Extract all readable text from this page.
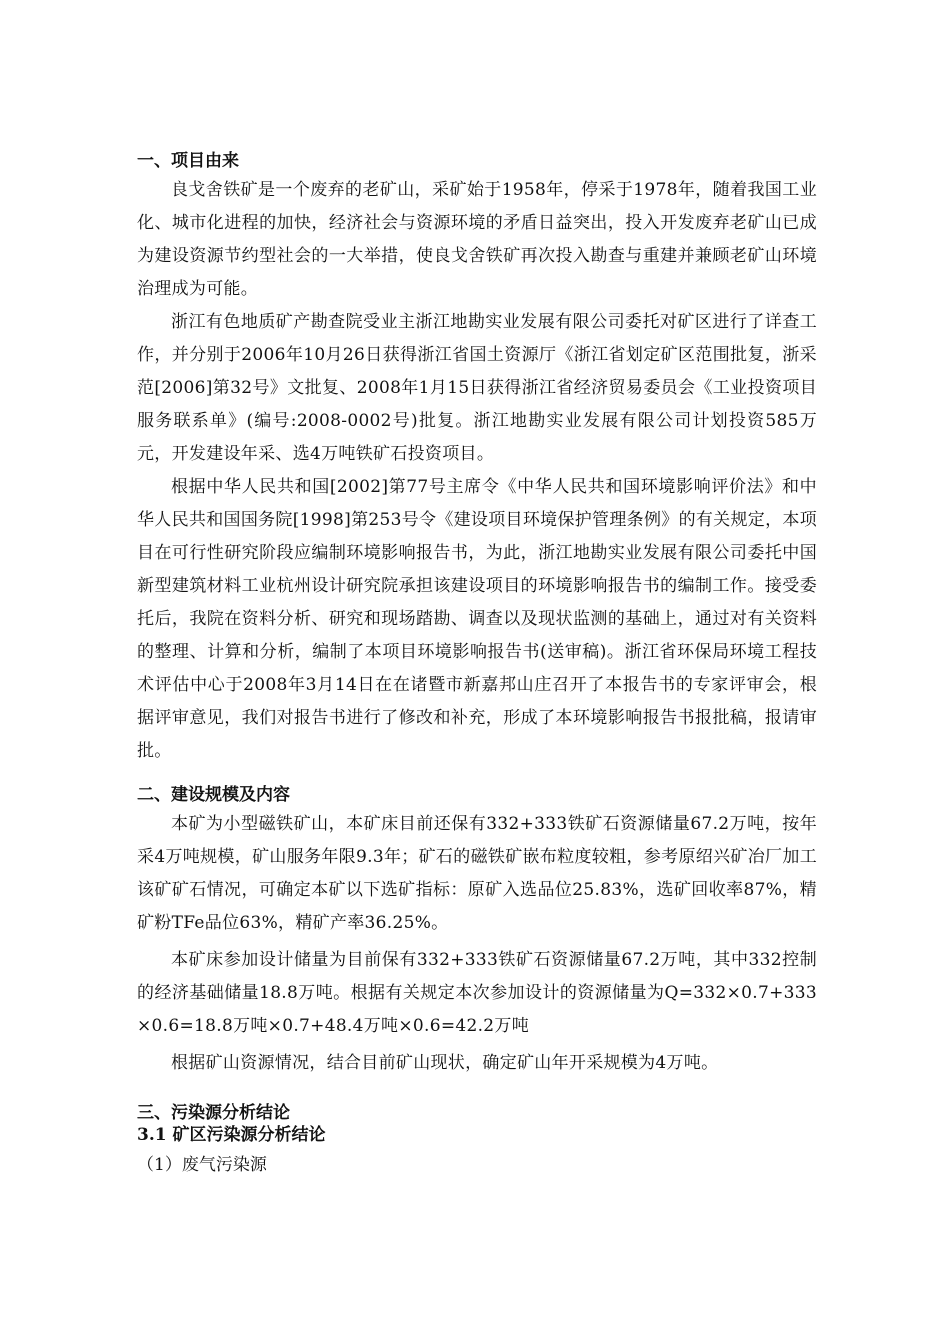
一、项目由来

良戈舍铁矿是一个废弃的老矿山，采矿始于1958年，停采于1978年，随着我国工业化、城市化进程的加快，经济社会与资源环境的矛盾日益突出，投入开发废弃老矿山已成为建设资源节约型社会的一大举措，使良戈舍铁矿再次投入勘查与重建并兼顾老矿山环境治理成为可能。

浙江有色地质矿产勘查院受业主浙江地勘实业发展有限公司委托对矿区进行了详查工作，并分别于2006年10月26日获得浙江省国土资源厅《浙江省划定矿区范围批复，浙采范[2006]第32号》文批复、2008年1月15日获得浙江省经济贸易委员会《工业投资项目服务联系单》(编号:2008-0002号)批复。浙江地勘实业发展有限公司计划投资585万元，开发建设年采、选4万吨铁矿石投资项目。

根据中华人民共和国[2002]第77号主席令《中华人民共和国环境影响评价法》和中华人民共和国国务院[1998]第253号令《建设项目环境保护管理条例》的有关规定，本项目在可行性研究阶段应编制环境影响报告书，为此，浙江地勘实业发展有限公司委托中国新型建筑材料工业杭州设计研究院承担该建设项目的环境影响报告书的编制工作。接受委托后，我院在资料分析、研究和现场踏勘、调查以及现状监测的基础上，通过对有关资料的整理、计算和分析，编制了本项目环境影响报告书(送审稿)。浙江省环保局环境工程技术评估中心于2008年3月14日在在诸暨市新嘉邦山庄召开了本报告书的专家评审会，根据评审意见，我们对报告书进行了修改和补充，形成了本环境影响报告书报批稿，报请审批。

二、建设规模及内容

本矿为小型磁铁矿山，本矿床目前还保有332+333铁矿石资源储量67.2万吨，按年采4万吨规模，矿山服务年限9.3年；矿石的磁铁矿嵌布粒度较粗，参考原绍兴矿冶厂加工该矿矿石情况，可确定本矿以下选矿指标：原矿入选品位25.83%，选矿回收率87%，精矿粉TFe品位63%，精矿产率36.25%。

本矿床参加设计储量为目前保有332+333铁矿石资源储量67.2万吨，其中332控制的经济基础储量18.8万吨。根据有关规定本次参加设计的资源储量为Q=332×0.7+333×0.6=18.8万吨×0.7+48.4万吨×0.6=42.2万吨

根据矿山资源情况，结合目前矿山现状，确定矿山年开采规模为4万吨。

三、污染源分析结论
3.1 矿区污染源分析结论
（1）废气污染源
